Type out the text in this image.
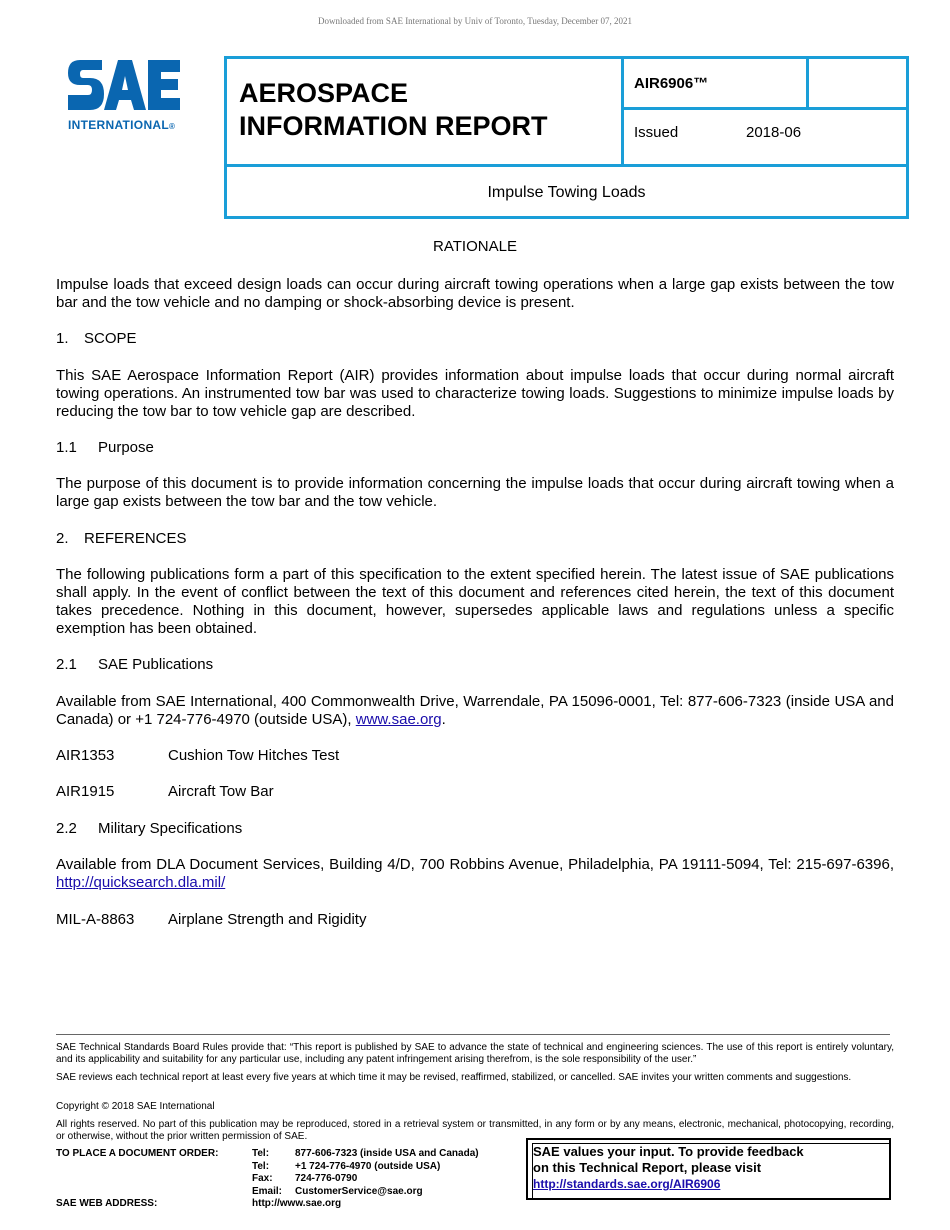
Downloaded from SAE International by Univ of Toronto, Tuesday, December 07, 2021
INTERNATIONAL®
AEROSPACE
INFORMATION REPORT
AIR6906™
Issued	2018-06
Impulse Towing Loads
RATIONALE
Impulse loads that exceed design loads can occur during aircraft towing operations when a large gap exists between the tow bar and the tow vehicle and no damping or shock-absorbing device is present.
1. SCOPE
This SAE Aerospace Information Report (AIR) provides information about impulse loads that occur during normal aircraft towing operations. An instrumented tow bar was used to characterize towing loads. Suggestions to minimize impulse loads by reducing the tow bar to tow vehicle gap are described.
1.1 Purpose
The purpose of this document is to provide information concerning the impulse loads that occur during aircraft towing when a large gap exists between the tow bar and the tow vehicle.
2. REFERENCES
The following publications form a part of this specification to the extent specified herein. The latest issue of SAE publications shall apply. In the event of conflict between the text of this document and references cited herein, the text of this document takes precedence. Nothing in this document, however, supersedes applicable laws and regulations unless a specific exemption has been obtained.
2.1 SAE Publications
Available from SAE International, 400 Commonwealth Drive, Warrendale, PA 15096-0001, Tel: 877-606-7323 (inside USA and Canada) or +1 724-776-4970 (outside USA), www.sae.org.
AIR1353	Cushion Tow Hitches Test
AIR1915	Aircraft Tow Bar
2.2 Military Specifications
Available from DLA Document Services, Building 4/D, 700 Robbins Avenue, Philadelphia, PA 19111-5094, Tel: 215-697-6396, http://quicksearch.dla.mil/
MIL-A-8863 Airplane Strength and Rigidity
SAE Technical Standards Board Rules provide that: “This report is published by SAE to advance the state of technical and engineering sciences. The use of this report is entirely voluntary, and its applicability and suitability for any particular use, including any patent infringement arising therefrom, is the sole responsibility of the user.”
SAE reviews each technical report at least every five years at which time it may be revised, reaffirmed, stabilized, or cancelled. SAE invites your written comments and suggestions.
Copyright © 2018 SAE International
All rights reserved. No part of this publication may be reproduced, stored in a retrieval system or transmitted, in any form or by any means, electronic, mechanical, photocopying, recording, or otherwise, without the prior written permission of SAE.
TO PLACE A DOCUMENT ORDER:	Tel:	877-606-7323 (inside USA and Canada)
Tel:	+1 724-776-4970 (outside USA)
Fax: 724-776-0790
Email: CustomerService@sae.org
SAE WEB ADDRESS:	http://www.sae.org
SAE values your input. To provide feedback
on this Technical Report, please visit
http://standards.sae.org/AIR6906
